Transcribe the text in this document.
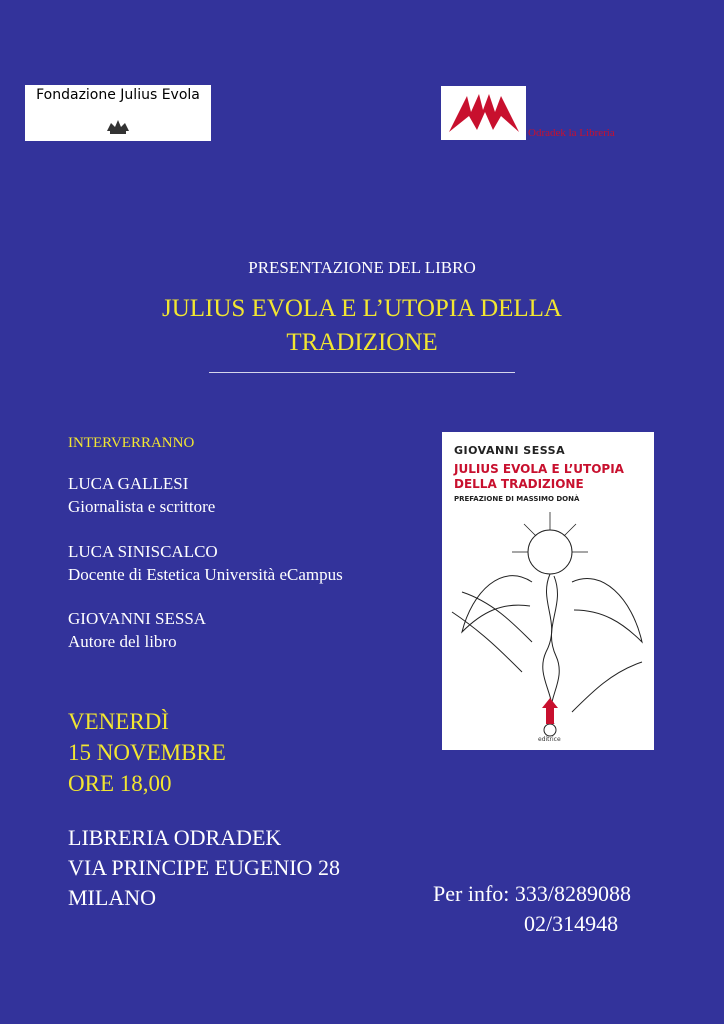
Fondazione Julius Evola
Odradek la Libreria
PRESENTAZIONE DEL LIBRO
JULIUS EVOLA E L’UTOPIA DELLA
TRADIZIONE
INTERVERRANNO
LUCA GALLESI
Giornalista e scrittore
LUCA SINISCALCO
Docente di Estetica Università eCampus
GIOVANNI SESSA
Autore del libro
VENERDÌ
15 NOVEMBRE
ORE 18,00
LIBRERIA ODRADEK
VIA PRINCIPE EUGENIO 28
MILANO	Per info: 333/8289088
02/314948
GIOVANNI SESSA
JULIUS EVOLA E L’UTOPIA
DELLA TRADIZIONE
PREFAZIONE DI MASSIMO DONÀ
editrice
